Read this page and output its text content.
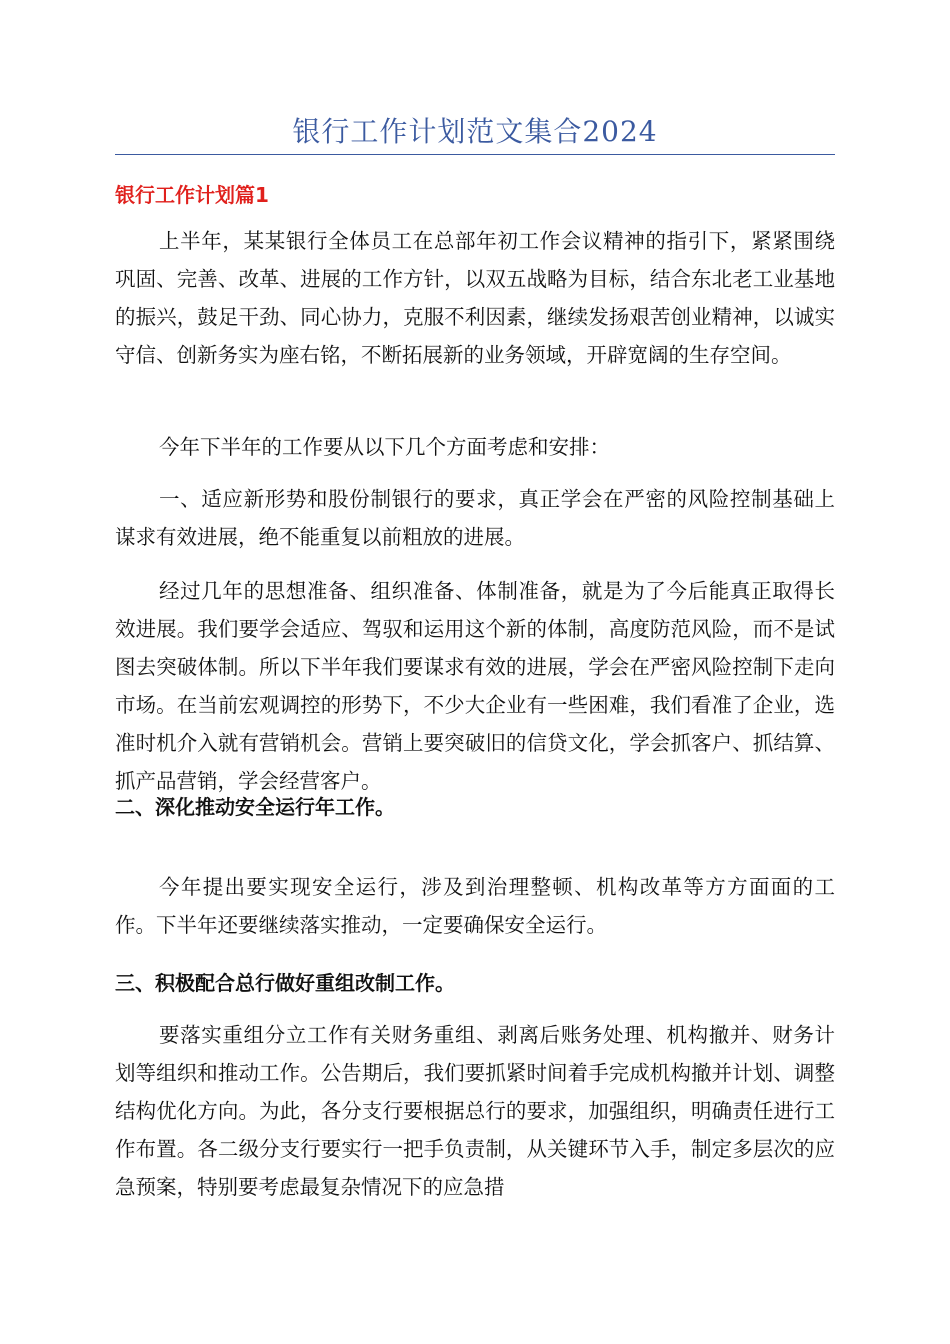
银行工作计划范文集合2024
银行工作计划篇1

上半年，某某银行全体员工在总部年初工作会议精神的指引下，紧紧围绕巩固、完善、改革、进展的工作方针，以双五战略为目标，结合东北老工业基地的振兴，鼓足干劲、同心协力，克服不利因素，继续发扬艰苦创业精神，以诚实守信、创新务实为座右铭，不断拓展新的业务领域，开辟宽阔的生存空间。

今年下半年的工作要从以下几个方面考虑和安排：

一、适应新形势和股份制银行的要求，真正学会在严密的风险控制基础上谋求有效进展，绝不能重复以前粗放的进展。

经过几年的思想准备、组织准备、体制准备，就是为了今后能真正取得长效进展。我们要学会适应、驾驭和运用这个新的体制，高度防范风险，而不是试图去突破体制。所以下半年我们要谋求有效的进展，学会在严密风险控制下走向市场。在当前宏观调控的形势下，不少大企业有一些困难，我们看准了企业，选准时机介入就有营销机会。营销上要突破旧的信贷文化，学会抓客户、抓结算、抓产品营销，学会经营客户。

二、深化推动安全运行年工作。

今年提出要实现安全运行，涉及到治理整顿、机构改革等方方面面的工作。下半年还要继续落实推动，一定要确保安全运行。

三、积极配合总行做好重组改制工作。

要落实重组分立工作有关财务重组、剥离后账务处理、机构撤并、财务计划等组织和推动工作。公告期后，我们要抓紧时间着手完成机构撤并计划、调整结构优化方向。为此，各分支行要根据总行的要求，加强组织，明确责任进行工作布置。各二级分支行要实行一把手负责制，从关键环节入手，制定多层次的应急预案，特别要考虑最复杂情况下的应急措
